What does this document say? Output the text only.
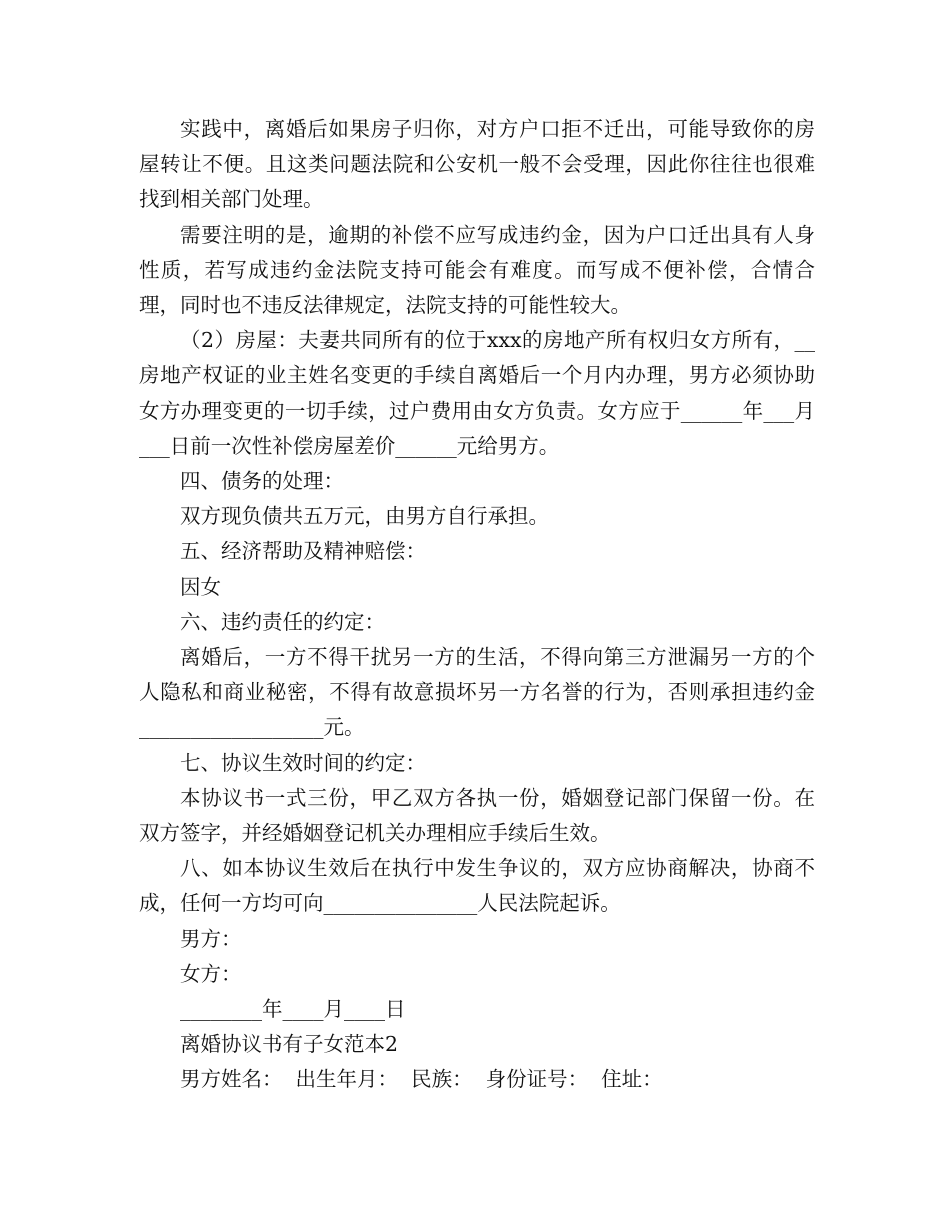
实践中，离婚后如果房子归你，对方户口拒不迁出，可能导致你的房屋转让不便。且这类问题法院和公安机一般不会受理，因此你往往也很难找到相关部门处理。

需要注明的是，逾期的补偿不应写成违约金，因为户口迁出具有人身性质，若写成违约金法院支持可能会有难度。而写成不便补偿，合情合理，同时也不违反法律规定，法院支持的可能性较大。

（2）房屋：夫妻共同所有的位于xxx的房地产所有权归女方所有，__房地产权证的业主姓名变更的手续自离婚后一个月内办理，男方必须协助女方办理变更的一切手续，过户费用由女方负责。女方应于______年___月___日前一次性补偿房屋差价______元给男方。

四、债务的处理：

双方现负债共五万元，由男方自行承担。

五、经济帮助及精神赔偿：

因女

六、违约责任的约定：

离婚后，一方不得干扰另一方的生活，不得向第三方泄漏另一方的个人隐私和商业秘密，不得有故意损坏另一方名誉的行为，否则承担违约金__________________元。

七、协议生效时间的约定：

本协议书一式三份，甲乙双方各执一份，婚姻登记部门保留一份。在双方签字，并经婚姻登记机关办理相应手续后生效。

八、如本协议生效后在执行中发生争议的，双方应协商解决，协商不成，任何一方均可向_______________人民法院起诉。

男方：

女方：

________年____月____日

离婚协议书有子女范本2

男方姓名：  出生年月：  民族：  身份证号：  住址：
